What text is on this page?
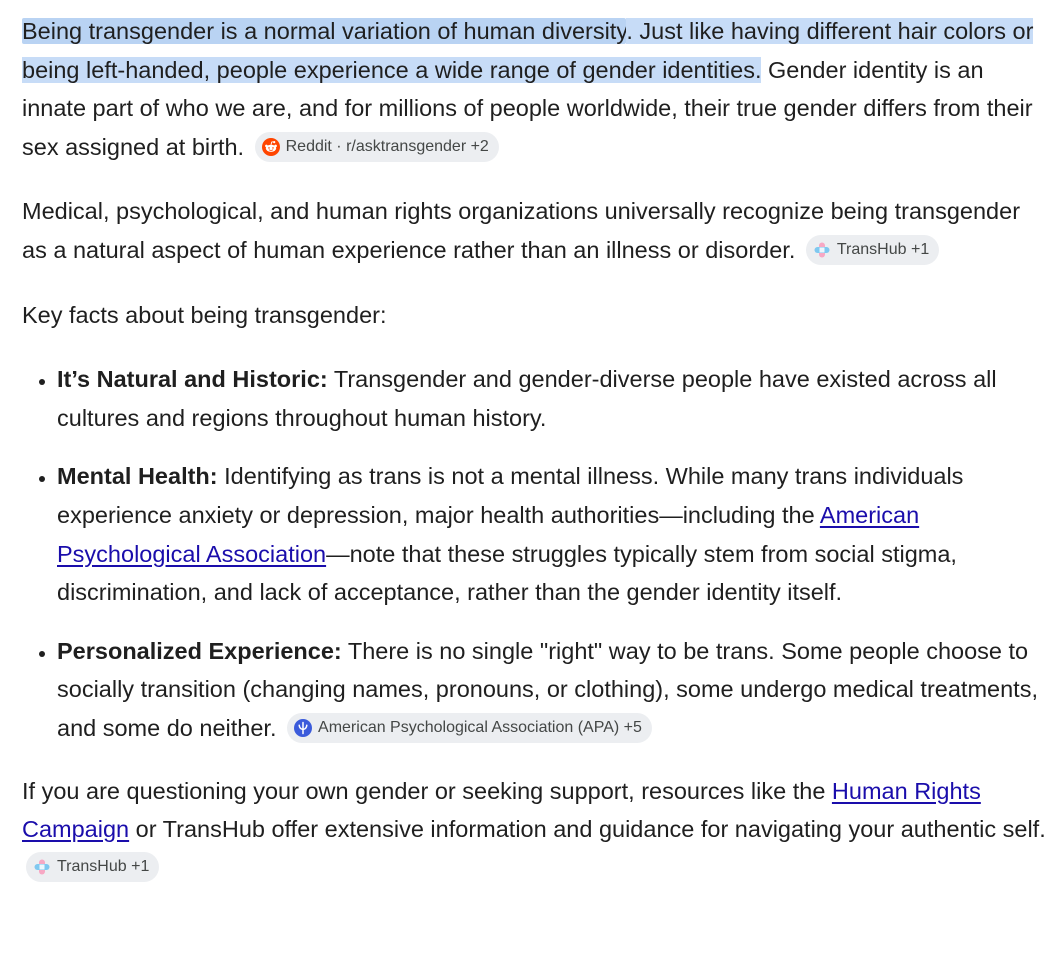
Being transgender is a normal variation of human diversity. Just like having different hair colors or being left-handed, people experience a wide range of gender identities. Gender identity is an innate part of who we are, and for millions of people worldwide, their true gender differs from their sex assigned at birth.	Reddit · r/asktransgender +2

Medical, psychological, and human rights organizations universally recognize being transgender as a natural aspect of human experience rather than an illness or disorder.	TransHub +1

Key facts about being transgender:

• It’s Natural and Historic: Transgender and gender-diverse people have existed across all cultures and regions throughout human history.
• Mental Health: Identifying as trans is not a mental illness. While many trans individuals experience anxiety or depression, major health authorities—including the American Psychological Association—note that these struggles typically stem from social stigma, discrimination, and lack of acceptance, rather than the gender identity itself.
• Personalized Experience: There is no single "right" way to be trans. Some people choose to socially transition (changing names, pronouns, or clothing), some undergo medical treatments, and some do neither.	American Psychological Association (APA) +5

If you are questioning your own gender or seeking support, resources like the Human Rights Campaign or TransHub offer extensive information and guidance for navigating your authentic self.
TransHub +1
